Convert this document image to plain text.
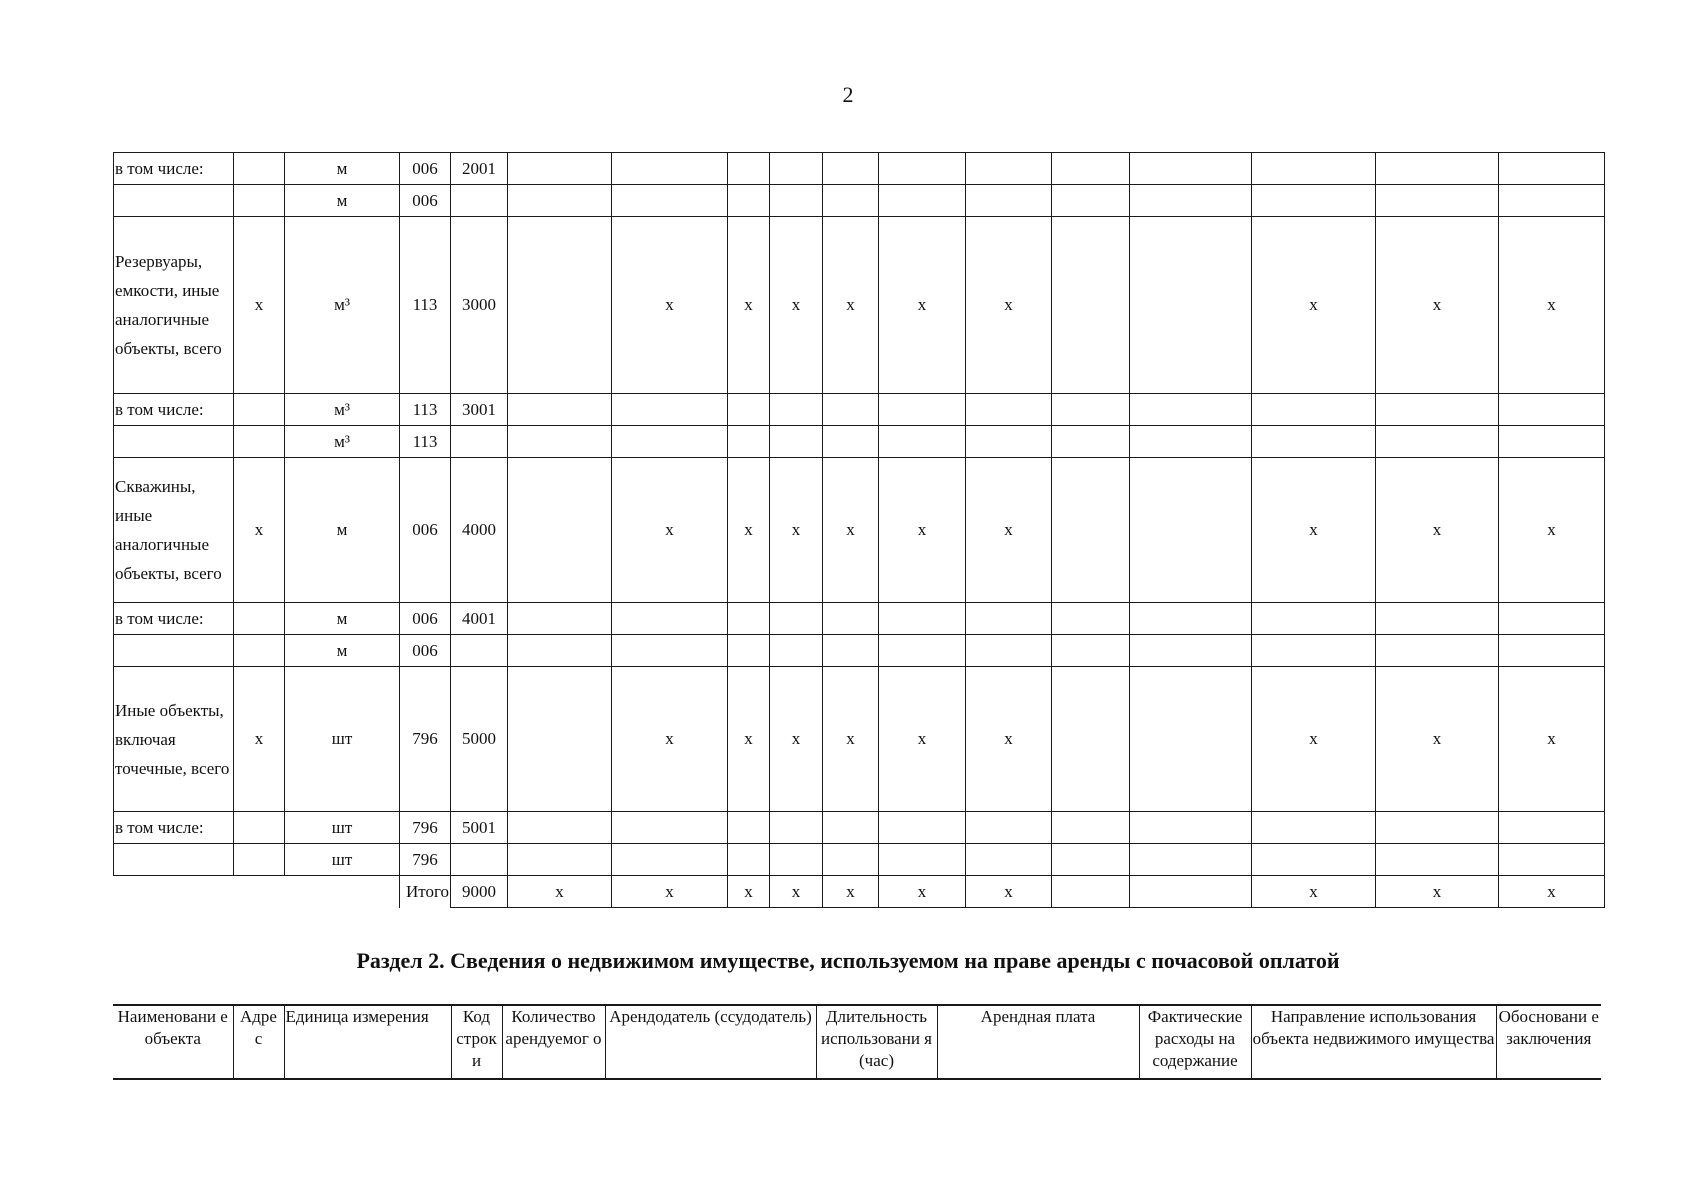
2
в том числе:		м	006	2001												
		м	006													
Резервуары, емкости, иные аналогичные объекты, всего	х	м³	113	3000		х	х	х	х	х	х			х	х	х
в том числе:		м³	113	3001												
		м³	113													
Скважины, иные аналогичные объекты, всего	х	м	006	4000		х	х	х	х	х	х			х	х	х
в том числе:		м	006	4001												
		м	006													
Иные объекты, включая точечные, всего	х	шт	796	5000		х	х	х	х	х	х			х	х	х
в том числе:		шт	796	5001												
		шт	796													
			Итого	9000	х	х	х	х	х	х	х			х	х	х
Раздел 2. Сведения о недвижимом имуществе, используемом на праве аренды с почасовой оплатой
Наименовани е объекта	Адре с	Единица измерения	Код строк и	Количество арендуемог о	Арендодатель (ссудодатель)	Длительность использовани я (час)	Арендная плата	Фактические расходы на содержание	Направление использования объекта недвижимого имущества	Обосновани е заключения
